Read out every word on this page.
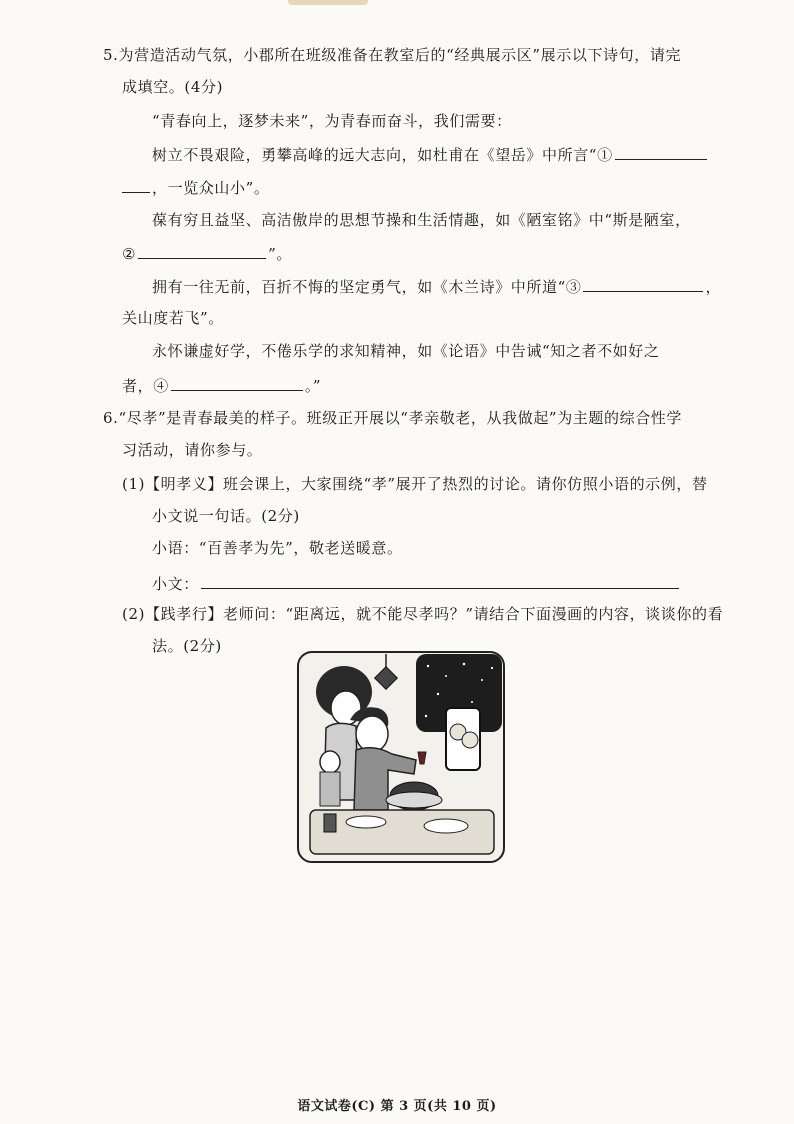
5.为营造活动气氛，小郡所在班级准备在教室后的“经典展示区”展示以下诗句，请完
成填空。(4分)
“青春向上，逐梦未来”，为青春而奋斗，我们需要：
树立不畏艰险，勇攀高峰的远大志向，如杜甫在《望岳》中所言“①
，一览众山小”。
葆有穷且益坚、高洁傲岸的思想节操和生活情趣，如《陋室铭》中“斯是陋室，
②	”。
拥有一往无前，百折不悔的坚定勇气，如《木兰诗》中所道“③	，
关山度若飞”。
永怀谦虚好学，不倦乐学的求知精神，如《论语》中告诫“知之者不如好之
者，④	。”
6.“尽孝”是青春最美的样子。班级正开展以“孝亲敬老，从我做起”为主题的综合性学
习活动，请你参与。
(1)【明孝义】班会课上，大家围绕“孝”展开了热烈的讨论。请你仿照小语的示例，替
小文说一句话。(2分)
小语：“百善孝为先”，敬老送暖意。
小文：
(2)【践孝行】老师问：“距离远，就不能尽孝吗？”请结合下面漫画的内容，谈谈你的看
法。(2分)
语文试卷(C) 第 3 页(共 10 页)
